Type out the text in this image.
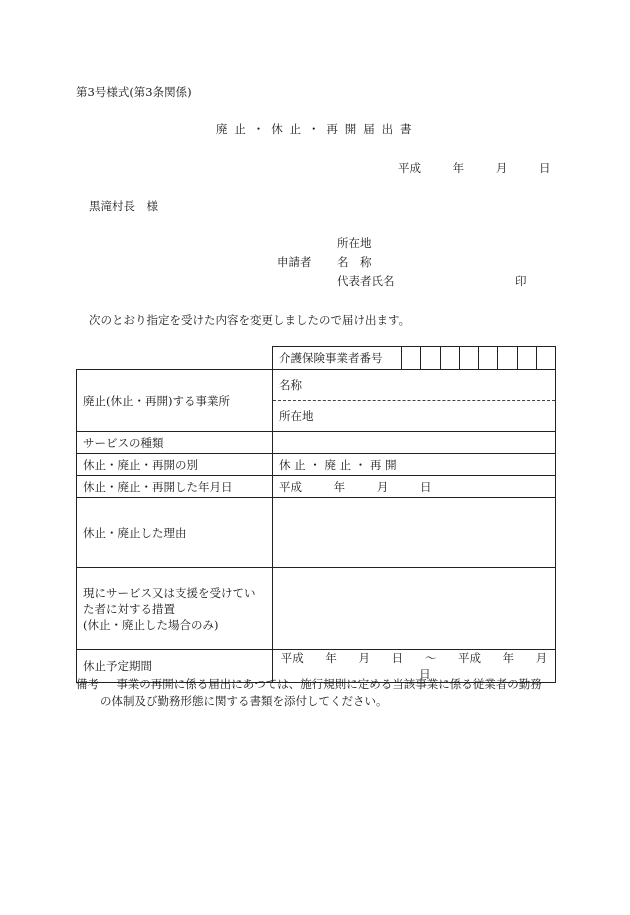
第3号様式(第3条関係)
廃止・休止・再開届出書
平成	年	月	日
黒滝村長　様
所在地
申請者 名　称
代表者氏名	印
次のとおり指定を受けた内容を変更しましたので届け出ます。

	介護保険事業者番号

廃止(休止・再開)する事業所	名称
所在地

サービスの種類	
休止・廃止・再開の別	休 止 ・ 廃 止 ・ 再 開
休止・廃止・再開した年月日	平成 年 月 日
休止・廃止した理由	

現にサービス又は支援を受けてい
た者に対する措置
(休止・廃止した場合のみ)	

休止予定期間	平成 年 月 日 〜 平成 年 月 日
備考 事業の再開に係る届出にあつては、施行規則に定める当該事業に係る従業者の勤務
の体制及び勤務形態に関する書類を添付してください。
